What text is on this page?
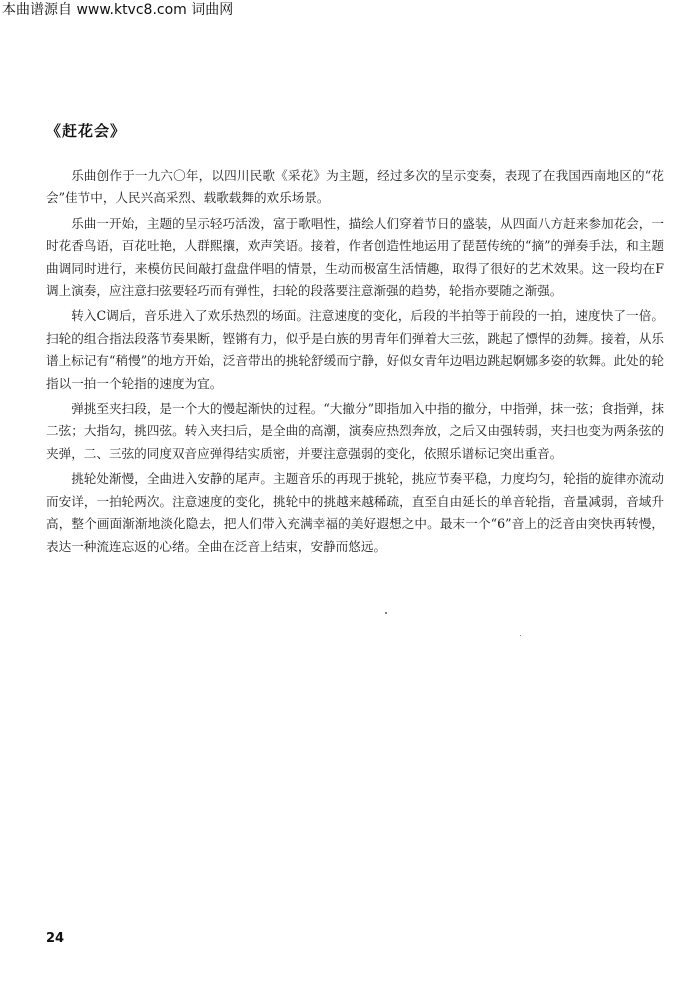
本曲谱源自 www.ktvc8.com 词曲网
《赶花会》

乐曲创作于一九六〇年，以四川民歌《采花》为主题，经过多次的呈示变奏，表现了在我国西南地区的“花会”佳节中，人民兴高采烈、载歌载舞的欢乐场景。

乐曲一开始，主题的呈示轻巧活泼，富于歌唱性，描绘人们穿着节日的盛装，从四面八方赶来参加花会，一时花香鸟语，百花吐艳，人群熙攘，欢声笑语。接着，作者创造性地运用了琵琶传统的“摘”的弹奏手法，和主题曲调同时进行，来模仿民间敲打盘盘伴唱的情景，生动而极富生活情趣，取得了很好的艺术效果。这一段均在F调上演奏，应注意扫弦要轻巧而有弹性，扫轮的段落要注意渐强的趋势，轮指亦要随之渐强。

转入C调后，音乐进入了欢乐热烈的场面。注意速度的变化，后段的半拍等于前段的一拍，速度快了一倍。扫轮的组合指法段落节奏果断，铿锵有力，似乎是白族的男青年们弹着大三弦，跳起了慓悍的劲舞。接着，从乐谱上标记有“稍慢”的地方开始，泛音带出的挑轮舒缓而宁静，好似女青年边唱边跳起婀娜多姿的软舞。此处的轮指以一拍一个轮指的速度为宜。

弹挑至夹扫段，是一个大的慢起渐快的过程。“大撤分”即指加入中指的撤分，中指弹，抹一弦；食指弹，抹二弦；大指勾，挑四弦。转入夹扫后，是全曲的高潮，演奏应热烈奔放，之后又由强转弱，夹扫也变为两条弦的夹弹，二、三弦的同度双音应弹得结实质密，并要注意强弱的变化，依照乐谱标记突出重音。

挑轮处渐慢，全曲进入安静的尾声。主题音乐的再现于挑轮，挑应节奏平稳，力度均匀，轮指的旋律亦流动而安详，一拍轮两次。注意速度的变化，挑轮中的挑越来越稀疏，直至自由延长的单音轮指，音量减弱，音域升高，整个画面渐渐地淡化隐去，把人们带入充满幸福的美好遐想之中。最末一个“6”音上的泛音由突快再转慢，表达一种流连忘返的心绪。全曲在泛音上结束，安静而悠远。

24
